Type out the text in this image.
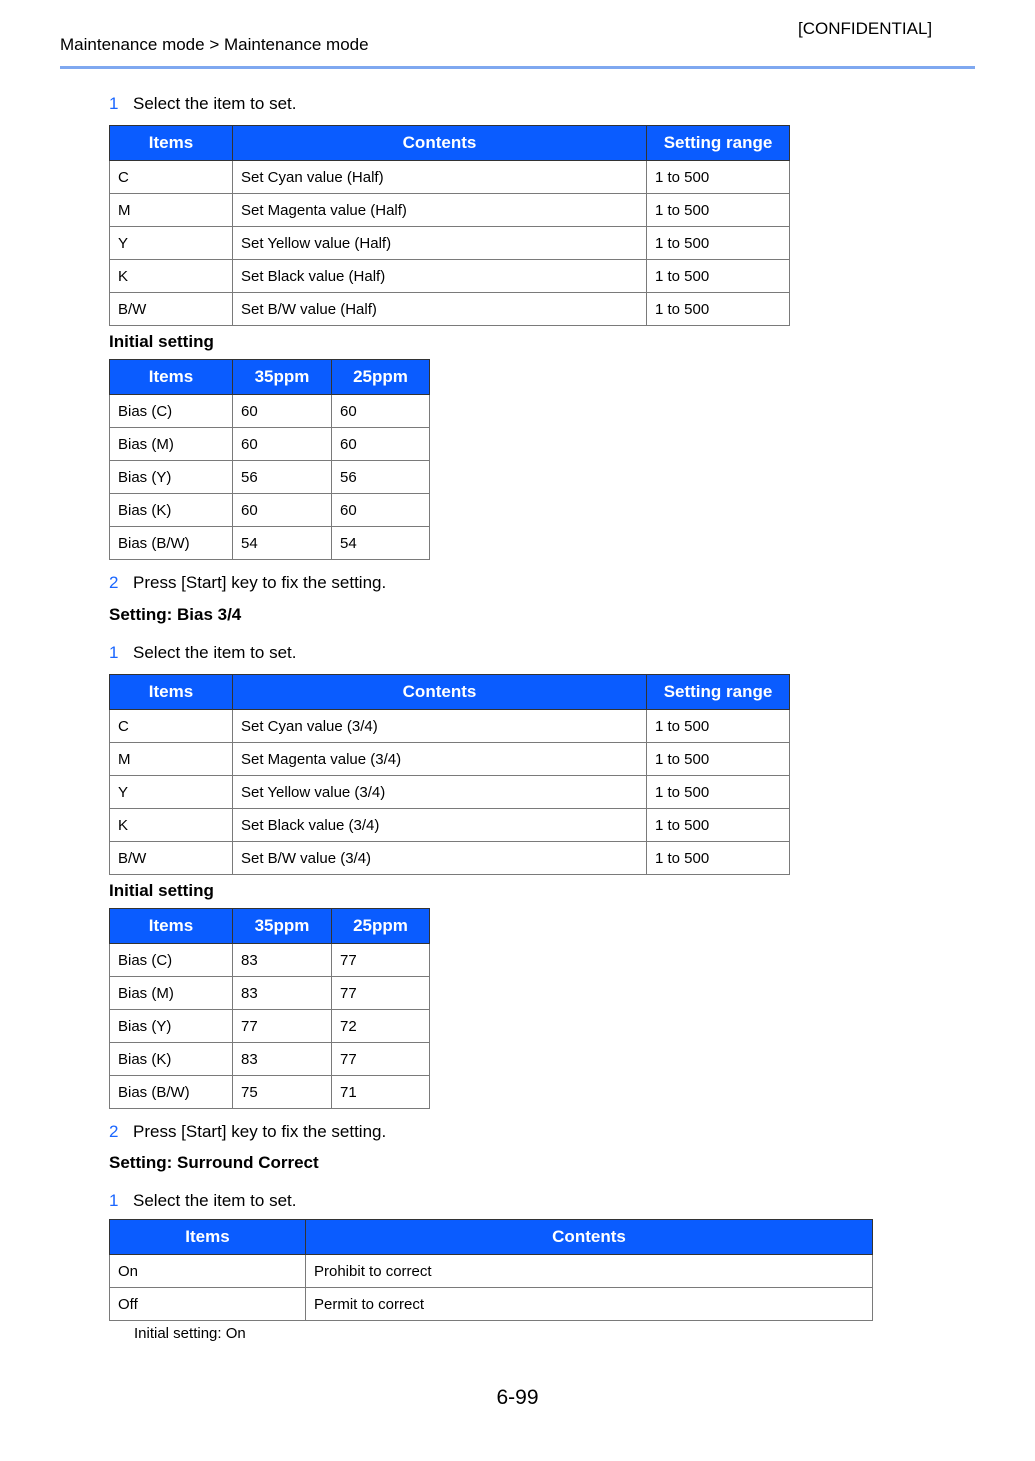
[CONFIDENTIAL]
Maintenance mode > Maintenance mode
1 Select the item to set.
Items	Contents	Setting range
C	Set Cyan value (Half)	1 to 500
M	Set Magenta value (Half)	1 to 500
Y	Set Yellow value (Half)	1 to 500
K	Set Black value (Half)	1 to 500
B/W	Set B/W value (Half)	1 to 500
Initial setting
Items	35ppm	25ppm
Bias (C)	60	60
Bias (M)	60	60
Bias (Y)	56	56
Bias (K)	60	60
Bias (B/W)	54	54
2 Press [Start] key to fix the setting.
Setting: Bias 3/4
1 Select the item to set.
Items	Contents	Setting range
C	Set Cyan value (3/4)	1 to 500
M	Set Magenta value (3/4)	1 to 500
Y	Set Yellow value (3/4)	1 to 500
K	Set Black value (3/4)	1 to 500
B/W	Set B/W value (3/4)	1 to 500
Initial setting
Items	35ppm	25ppm
Bias (C)	83	77
Bias (M)	83	77
Bias (Y)	77	72
Bias (K)	83	77
Bias (B/W)	75	71
2 Press [Start] key to fix the setting.
Setting: Surround Correct
1 Select the item to set.
Items	Contents
On	Prohibit to correct
Off	Permit to correct
Initial setting: On
6-99
